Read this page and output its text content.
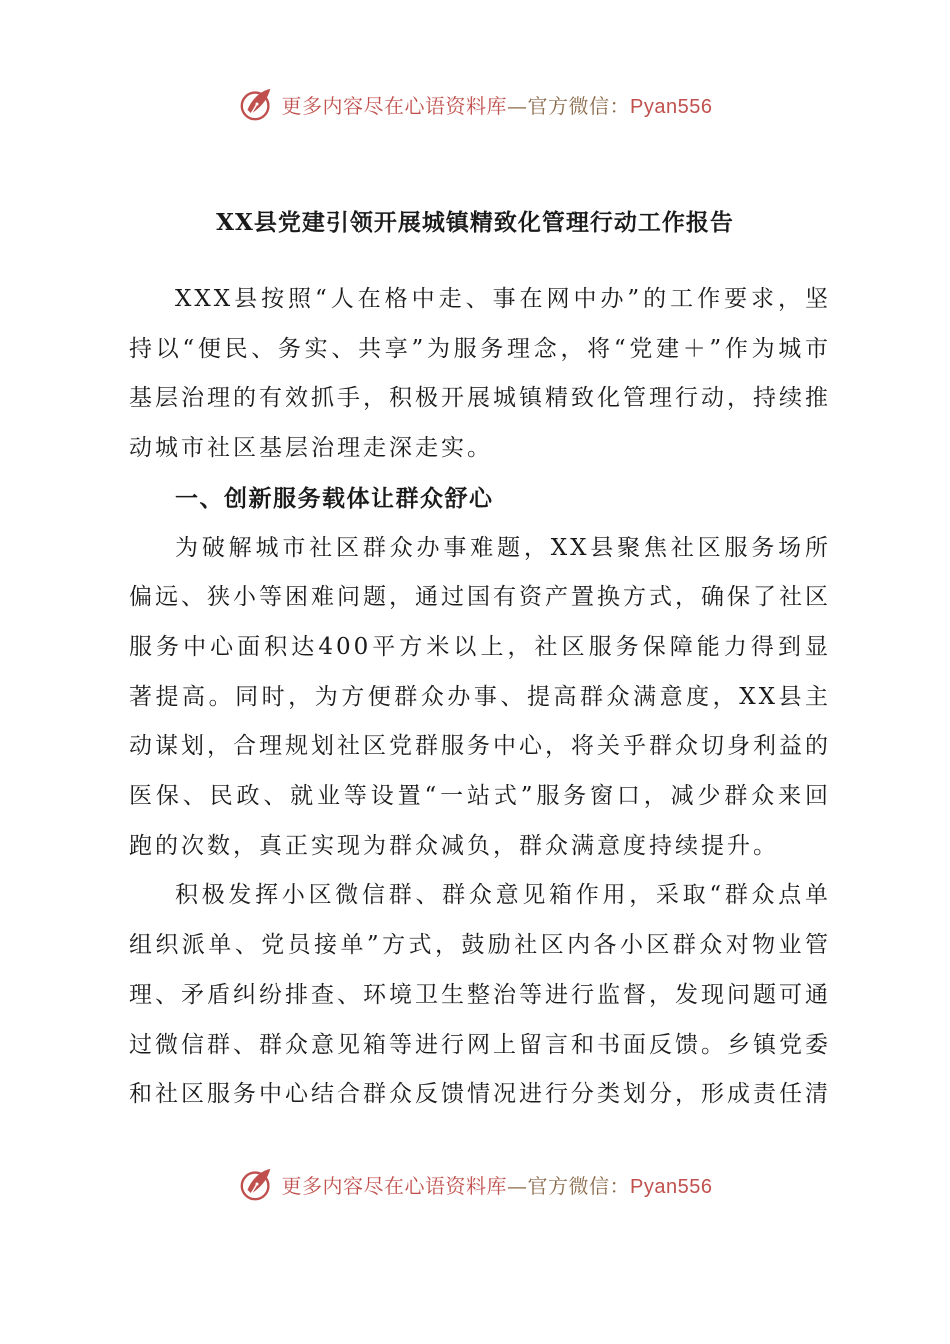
更多内容尽在心语资料库—官方微信：Pyan556
XX县党建引领开展城镇精致化管理行动工作报告

XXX县按照“人在格中走、事在网中办”的工作要求，坚持以“便民、务实、共享”为服务理念，将“党建＋”作为城市基层治理的有效抓手，积极开展城镇精致化管理行动，持续推动城市社区基层治理走深走实。

一、创新服务载体让群众舒心

为破解城市社区群众办事难题，XX县聚焦社区服务场所偏远、狭小等困难问题，通过国有资产置换方式，确保了社区服务中心面积达400平方米以上，社区服务保障能力得到显著提高。同时，为方便群众办事、提高群众满意度，XX县主动谋划，合理规划社区党群服务中心，将关乎群众切身利益的医保、民政、就业等设置“一站式”服务窗口，减少群众来回跑的次数，真正实现为群众减负，群众满意度持续提升。

积极发挥小区微信群、群众意见箱作用，采取“群众点单组织派单、党员接单”方式，鼓励社区内各小区群众对物业管理、矛盾纠纷排查、环境卫生整治等进行监督，发现问题可通过微信群、群众意见箱等进行网上留言和书面反馈。乡镇党委和社区服务中心结合群众反馈情况进行分类划分，形成责任清

更多内容尽在心语资料库—官方微信：Pyan556
